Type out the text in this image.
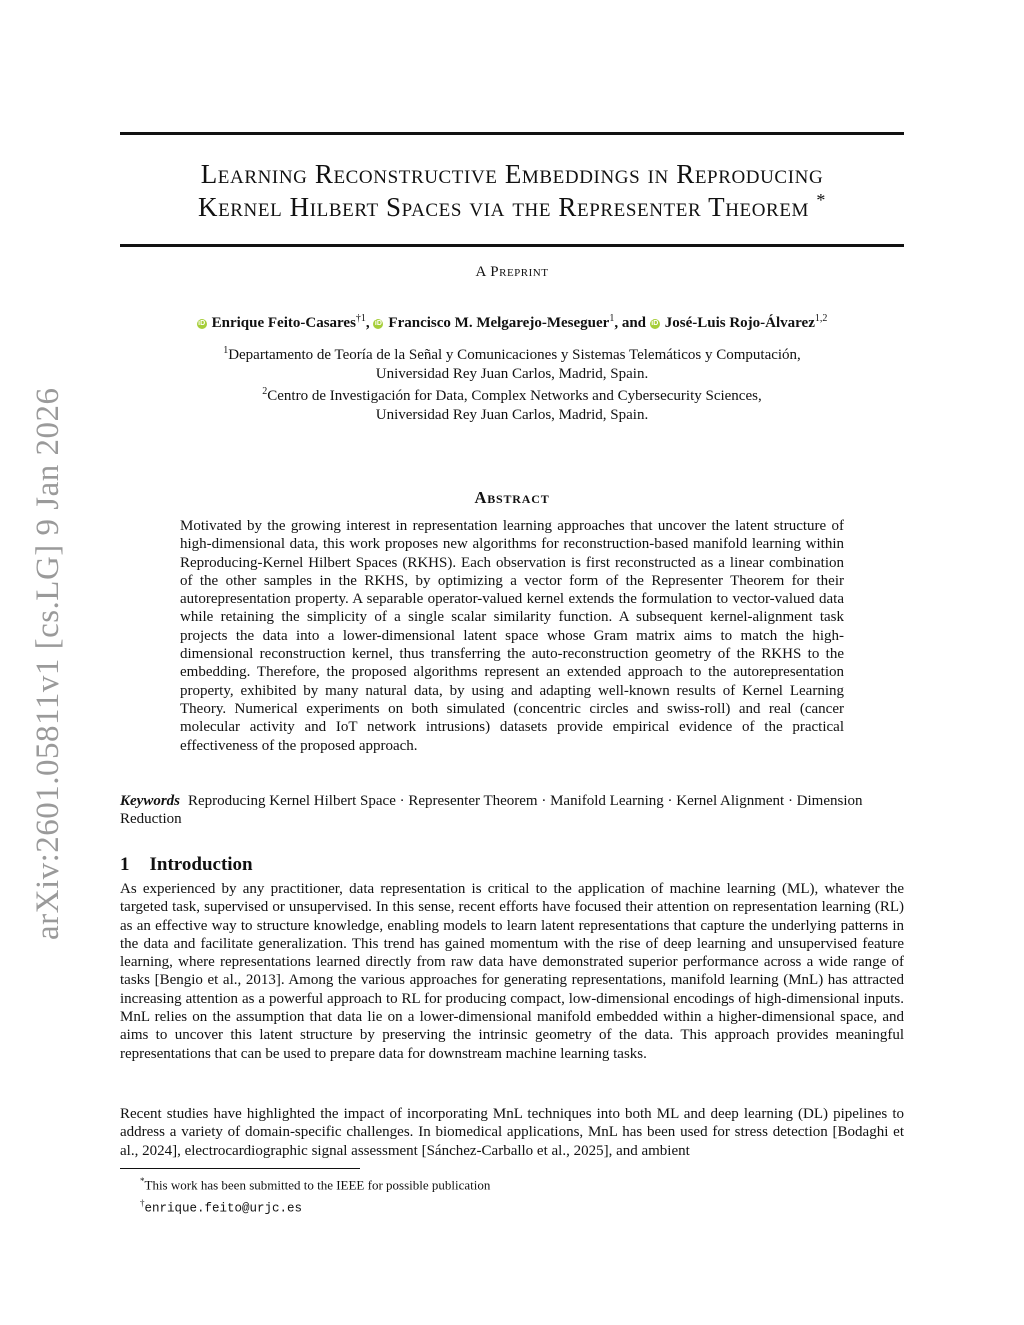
arXiv:2601.05811v1 [cs.LG] 9 Jan 2026
Learning Reconstructive Embeddings in Reproducing
Kernel Hilbert Spaces via the Representer Theorem *
A Preprint
iD Enrique Feito-Casares$^{\dagger 1}$, iD Francisco M. Melgarejo-Meseguer$^1$, and iD José-Luis Rojo-Álvarez$^{1,2}$
$^1$Departamento de Teoría de la Señal y Comunicaciones y Sistemas Telemáticos y Computación,
Universidad Rey Juan Carlos, Madrid, Spain.
$^2$Centro de Investigación for Data, Complex Networks and Cybersecurity Sciences,
Universidad Rey Juan Carlos, Madrid, Spain.
Abstract
Motivated by the growing interest in representation learning approaches that uncover the latent structure of high-dimensional data, this work proposes new algorithms for reconstruction-based manifold learning within Reproducing-Kernel Hilbert Spaces (RKHS). Each observation is first reconstructed as a linear combination of the other samples in the RKHS, by optimizing a vector form of the Representer Theorem for their autorepresentation property. A separable operator-valued kernel extends the formulation to vector-valued data while retaining the simplicity of a single scalar similarity function. A subsequent kernel-alignment task projects the data into a lower-dimensional latent space whose Gram matrix aims to match the high-dimensional reconstruction kernel, thus transferring the auto-reconstruction geometry of the RKHS to the embedding. Therefore, the proposed algorithms represent an extended approach to the autorepresentation property, exhibited by many natural data, by using and adapting well-known results of Kernel Learning Theory. Numerical experiments on both simulated (concentric circles and swiss-roll) and real (cancer molecular activity and IoT network intrusions) datasets provide empirical evidence of the practical effectiveness of the proposed approach.
Keywords Reproducing Kernel Hilbert Space · Representer Theorem · Manifold Learning · Kernel Alignment · Dimension Reduction
1 Introduction
As experienced by any practitioner, data representation is critical to the application of machine learning (ML), whatever the targeted task, supervised or unsupervised. In this sense, recent efforts have focused their attention on representation learning (RL) as an effective way to structure knowledge, enabling models to learn latent representations that capture the underlying patterns in the data and facilitate generalization. This trend has gained momentum with the rise of deep learning and unsupervised feature learning, where representations learned directly from raw data have demonstrated superior performance across a wide range of tasks [Bengio et al., 2013]. Among the various approaches for generating representations, manifold learning (MnL) has attracted increasing attention as a powerful approach to RL for producing compact, low-dimensional encodings of high-dimensional inputs. MnL relies on the assumption that data lie on a lower-dimensional manifold embedded within a higher-dimensional space, and aims to uncover this latent structure by preserving the intrinsic geometry of the data. This approach provides meaningful representations that can be used to prepare data for downstream machine learning tasks.
Recent studies have highlighted the impact of incorporating MnL techniques into both ML and deep learning (DL) pipelines to address a variety of domain-specific challenges. In biomedical applications, MnL has been used for stress detection [Bodaghi et al., 2024], electrocardiographic signal assessment [Sánchez-Carballo et al., 2025], and ambient
*This work has been submitted to the IEEE for possible publication
†enrique.feito@urjc.es
